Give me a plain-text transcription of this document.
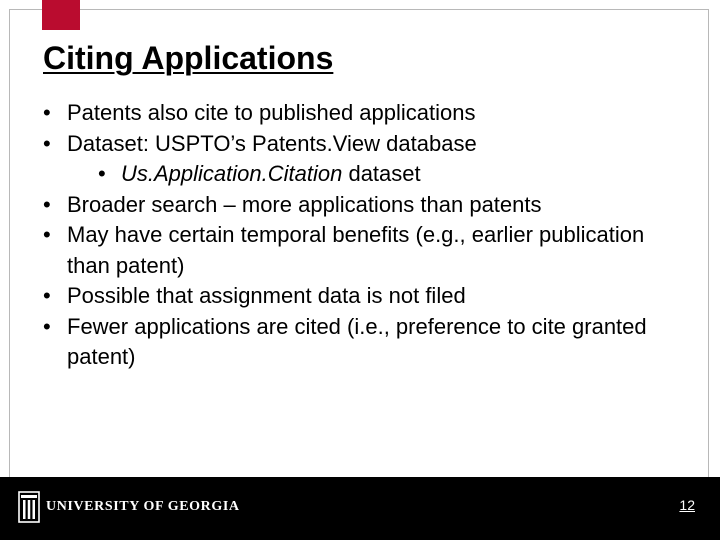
Citing Applications
• Patents also cite to published applications
• Dataset: USPTO’s Patents.View database
• Us.Application.Citation dataset
• Broader search – more applications than patents
• May have certain temporal benefits (e.g., earlier publication than patent)
• Possible that assignment data is not filed
• Fewer applications are cited (i.e., preference to cite granted patent)
UNIVERSITY OF GEORGIA	12
